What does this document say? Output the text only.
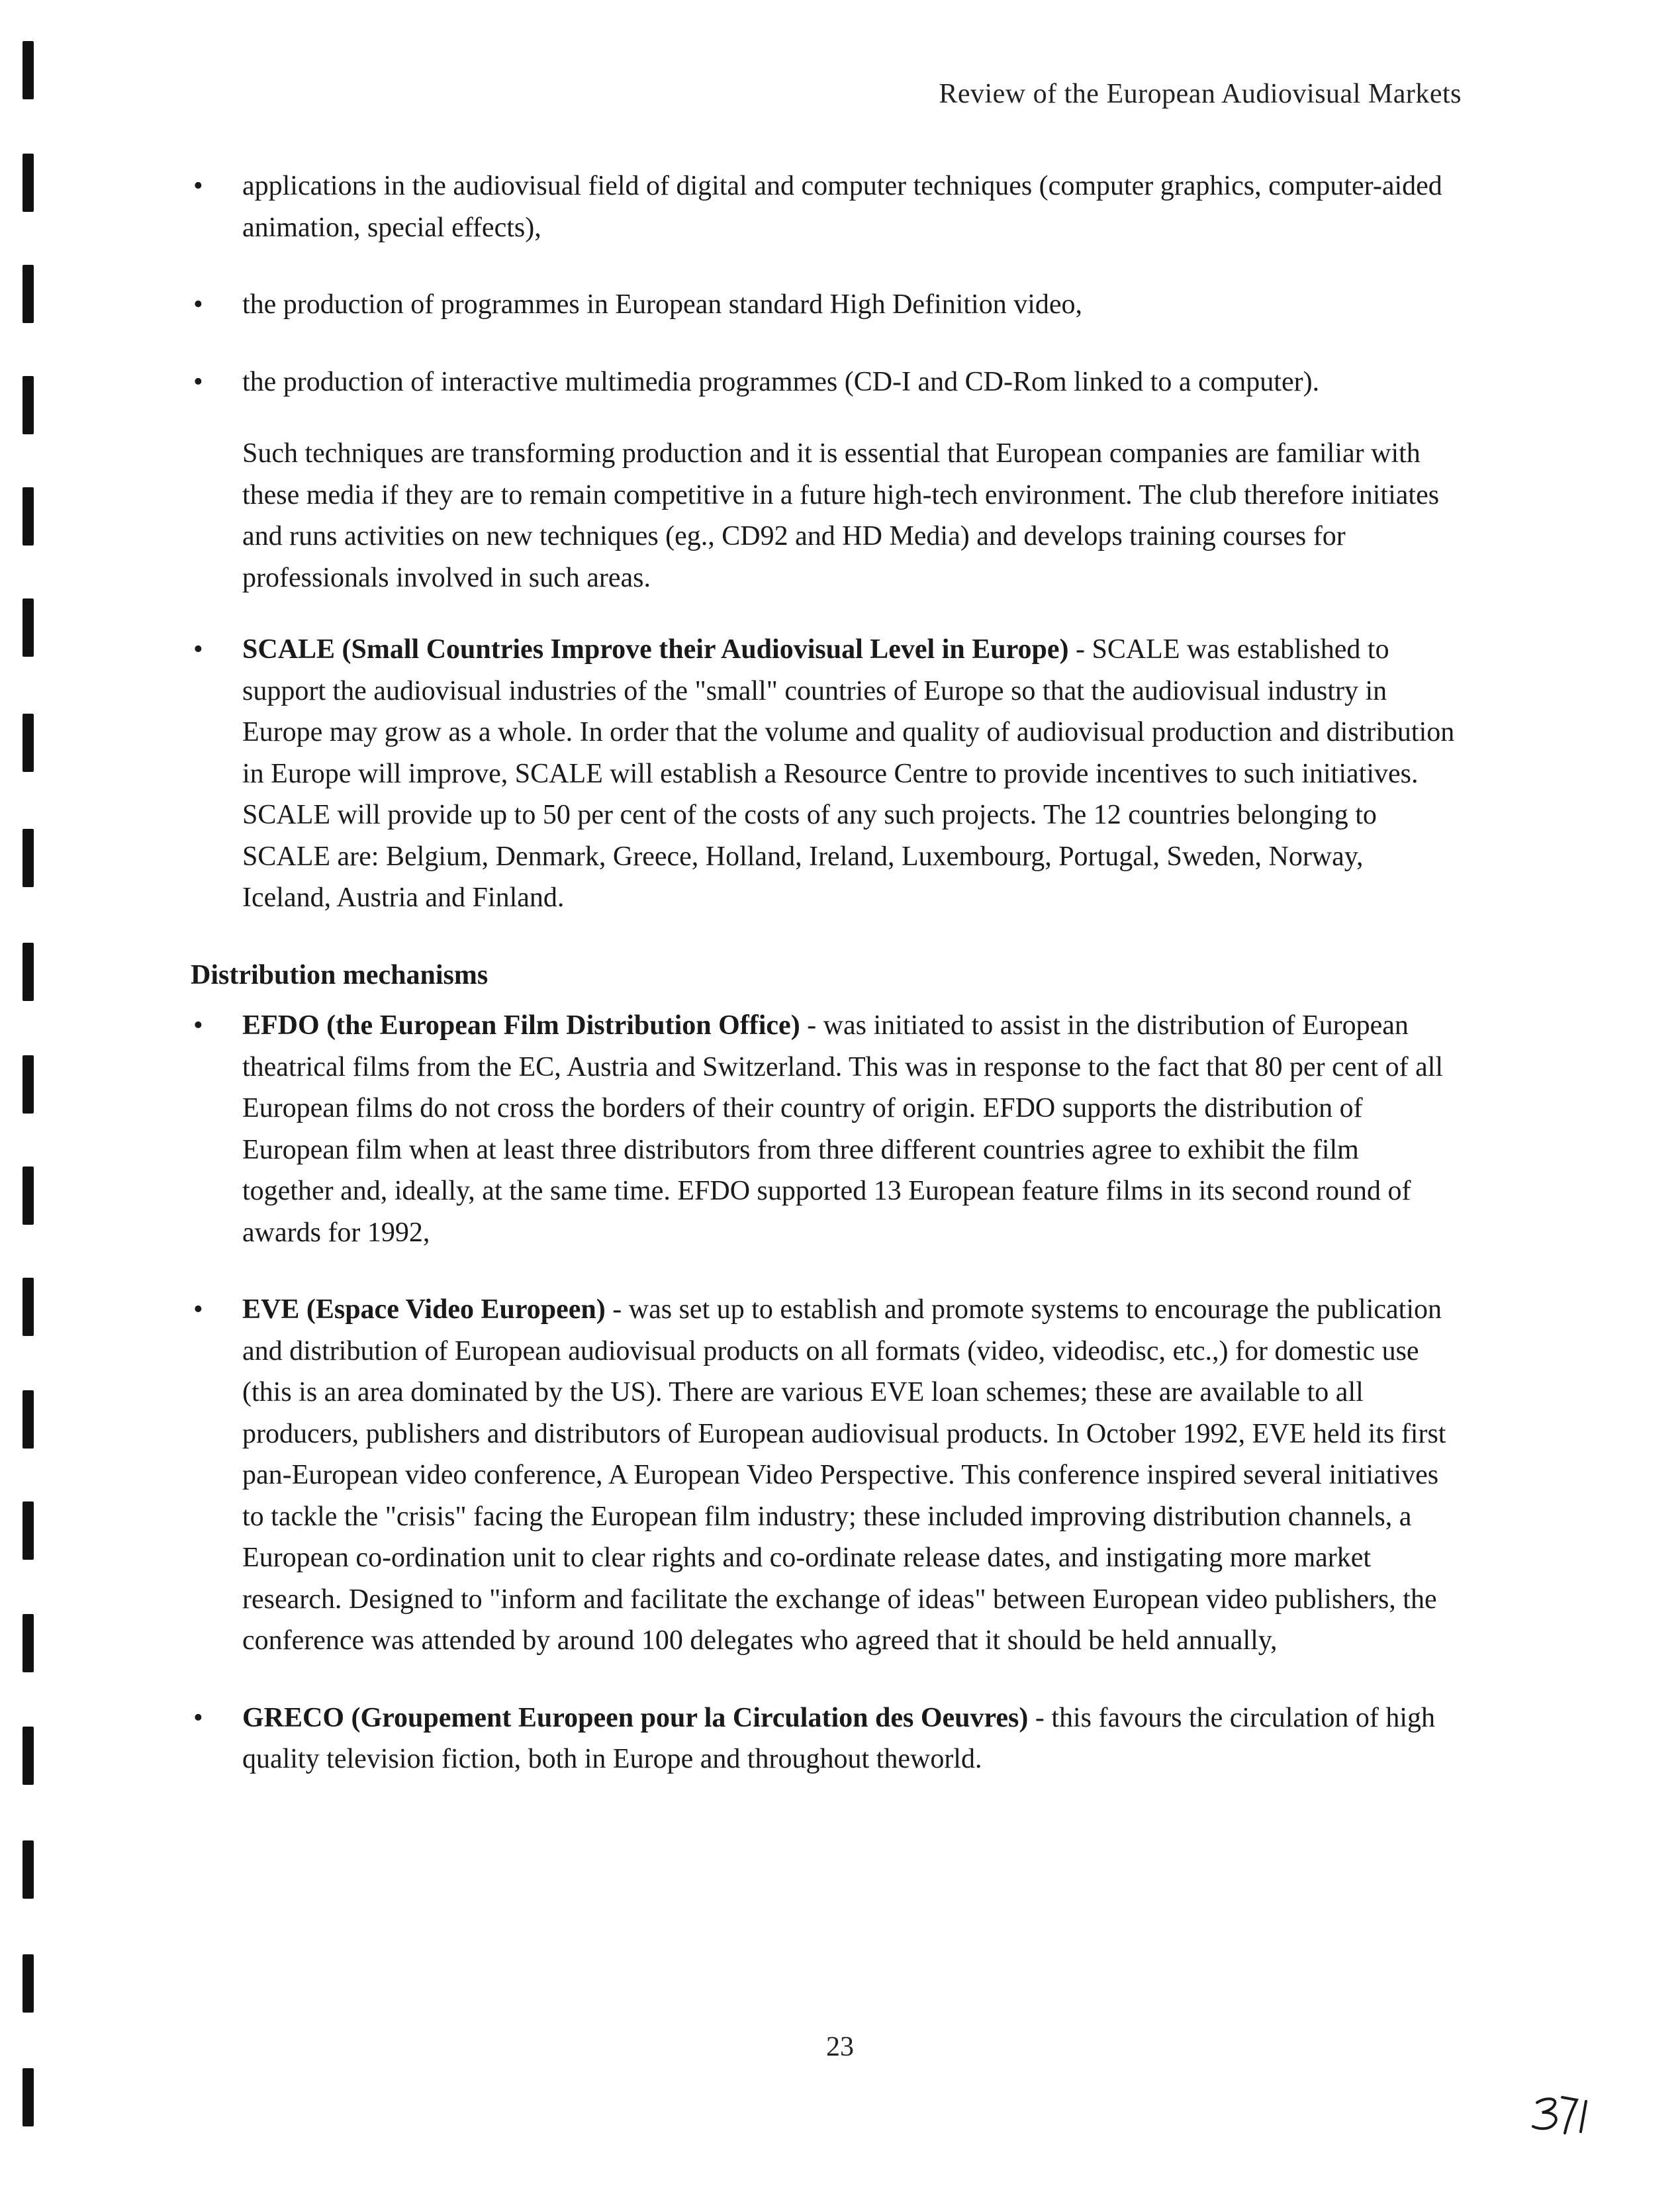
Review of the European Audiovisual Markets
•	applications in the audiovisual field of digital and computer techniques (computer graphics, computer-aided animation, special effects),
•	the production of programmes in European standard High Definition video,
•	the production of interactive multimedia programmes (CD-I and CD-Rom linked to a computer).
Such techniques are transforming production and it is essential that European companies are familiar with these media if they are to remain competitive in a future high-tech environment. The club therefore initiates and runs activities on new techniques (eg., CD92 and HD Media) and develops training courses for professionals involved in such areas.
•	SCALE (Small Countries Improve their Audiovisual Level in Europe) - SCALE was established to support the audiovisual industries of the "small" countries of Europe so that the audiovisual industry in Europe may grow as a whole. In order that the volume and quality of audiovisual production and distribution in Europe will improve, SCALE will establish a Resource Centre to provide incentives to such initiatives. SCALE will provide up to 50 per cent of the costs of any such projects. The 12 countries belonging to SCALE are: Belgium, Denmark, Greece, Holland, Ireland, Luxembourg, Portugal, Sweden, Norway, Iceland, Austria and Finland.
Distribution mechanisms
•	EFDO (the European Film Distribution Office) - was initiated to assist in the distribution of European theatrical films from the EC, Austria and Switzerland. This was in response to the fact that 80 per cent of all European films do not cross the borders of their country of origin. EFDO supports the distribution of European film when at least three distributors from three different countries agree to exhibit the film together and, ideally, at the same time. EFDO supported 13 European feature films in its second round of awards for 1992,
•	EVE (Espace Video Europeen) - was set up to establish and promote systems to encourage the publication and distribution of European audiovisual products on all formats (video, videodisc, etc.,) for domestic use (this is an area dominated by the US). There are various EVE loan schemes; these are available to all producers, publishers and distributors of European audiovisual products. In October 1992, EVE held its first pan-European video conference, A European Video Perspective. This conference inspired several initiatives to tackle the "crisis" facing the European film industry; these included improving distribution channels, a European co-ordination unit to clear rights and co-ordinate release dates, and instigating more market research. Designed to "inform and facilitate the exchange of ideas" between European video publishers, the conference was attended by around 100 delegates who agreed that it should be held annually,
•	GRECO (Groupement Europeen pour la Circulation des Oeuvres) - this favours the circulation of high quality television fiction, both in Europe and throughout theworld.
23
